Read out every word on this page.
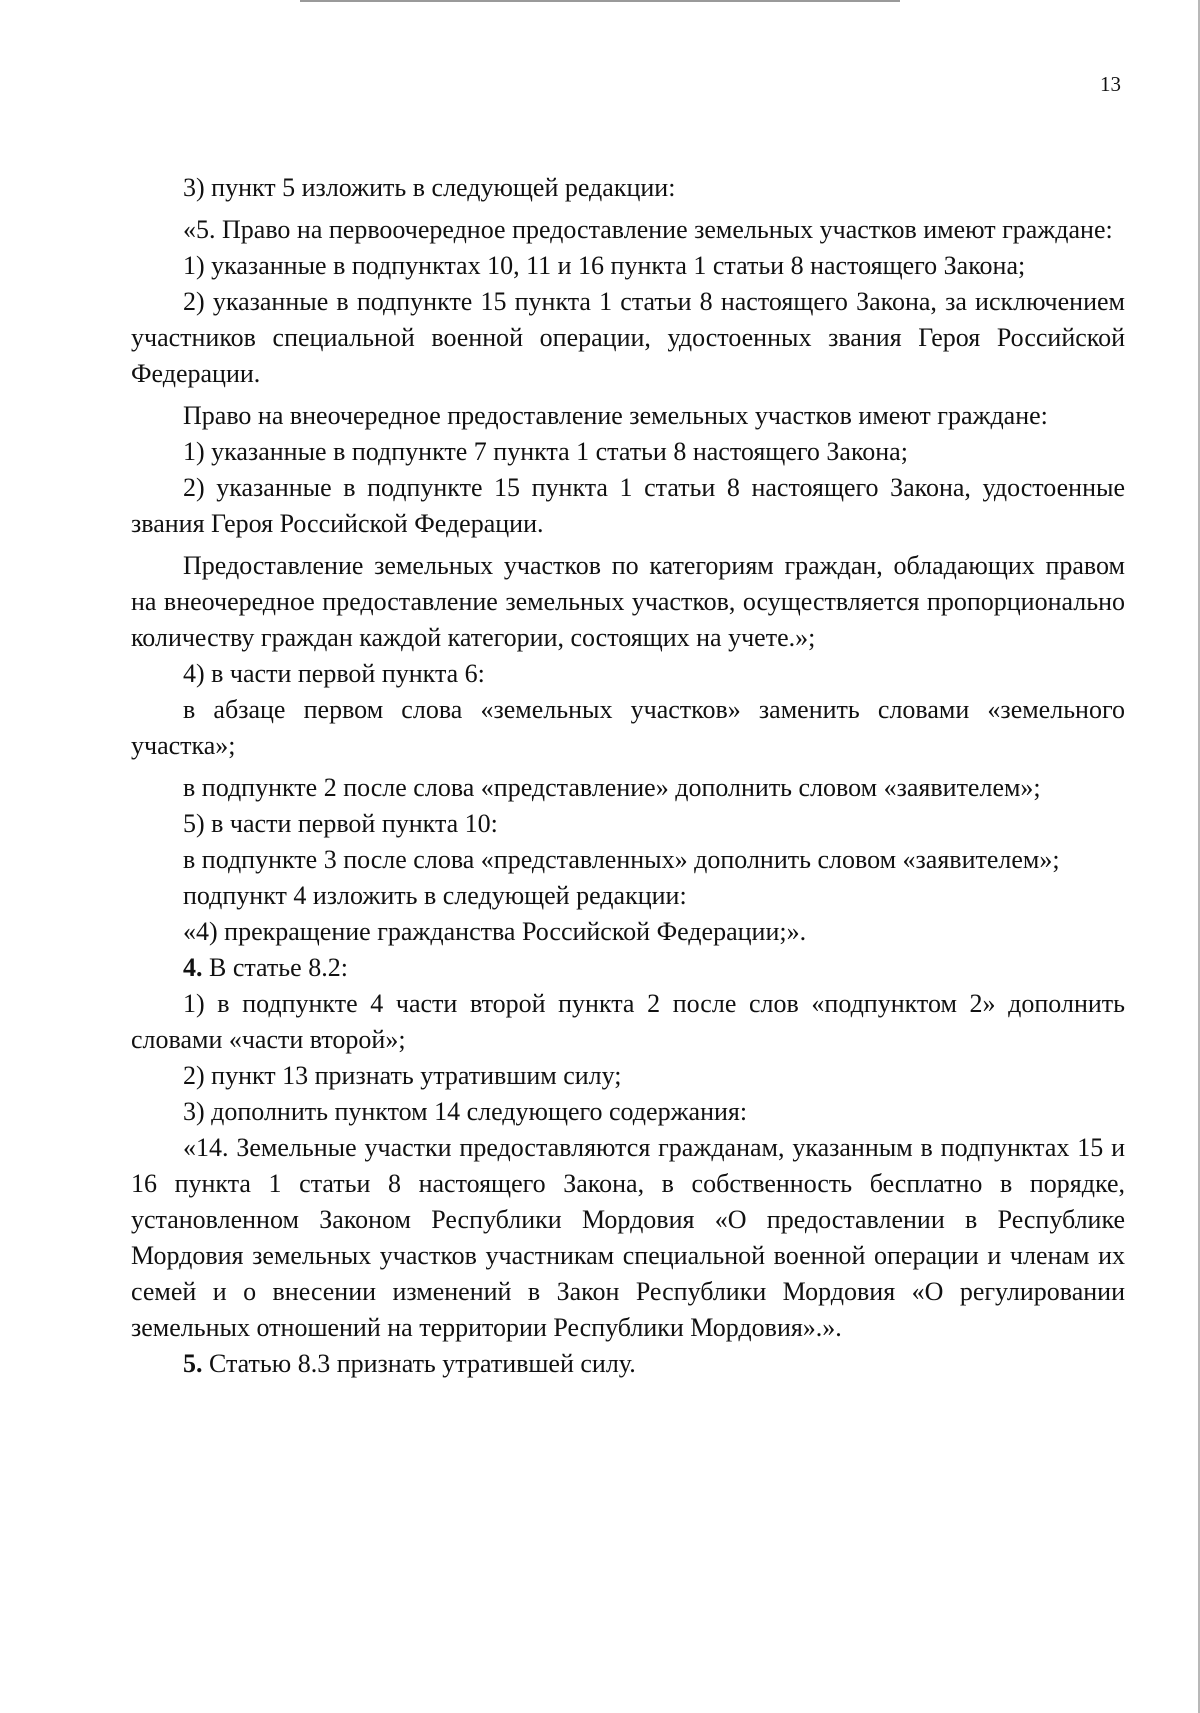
13

3) пункт 5 изложить в следующей редакции:

«5. Право на первоочередное предоставление земельных участков имеют граждане:

1) указанные в подпунктах 10, 11 и 16 пункта 1 статьи 8 настоящего Закона;

2) указанные в подпункте 15 пункта 1 статьи 8 настоящего Закона, за исключением участников специальной военной операции, удостоенных звания Героя Российской Федерации.

Право на внеочередное предоставление земельных участков имеют граждане:

1) указанные в подпункте 7 пункта 1 статьи 8 настоящего Закона;

2) указанные в подпункте 15 пункта 1 статьи 8 настоящего Закона, удостоенные звания Героя Российской Федерации.

Предоставление земельных участков по категориям граждан, обладающих правом на внеочередное предоставление земельных участков, осуществляется пропорционально количеству граждан каждой категории, состоящих на учете.»;

4) в части первой пункта 6:

в абзаце первом слова «земельных участков» заменить словами «земельного участка»;

в подпункте 2 после слова «представление» дополнить словом «заявителем»;

5) в части первой пункта 10:

в подпункте 3 после слова «представленных» дополнить словом «заявителем»;

подпункт 4 изложить в следующей редакции:

«4) прекращение гражданства Российской Федерации;».

4. В статье 8.2:

1) в подпункте 4 части второй пункта 2 после слов «подпунктом 2» дополнить словами «части второй»;

2) пункт 13 признать утратившим силу;

3) дополнить пунктом 14 следующего содержания:

«14. Земельные участки предоставляются гражданам, указанным в подпунктах 15 и 16 пункта 1 статьи 8 настоящего Закона, в собственность бесплатно в порядке, установленном Законом Республики Мордовия «О предоставлении в Республике Мордовия земельных участков участникам специальной военной операции и членам их семей и о внесении изменений в Закон Республики Мордовия «О регулировании земельных отношений на территории Республики Мордовия».».

5. Статью 8.3 признать утратившей силу.
